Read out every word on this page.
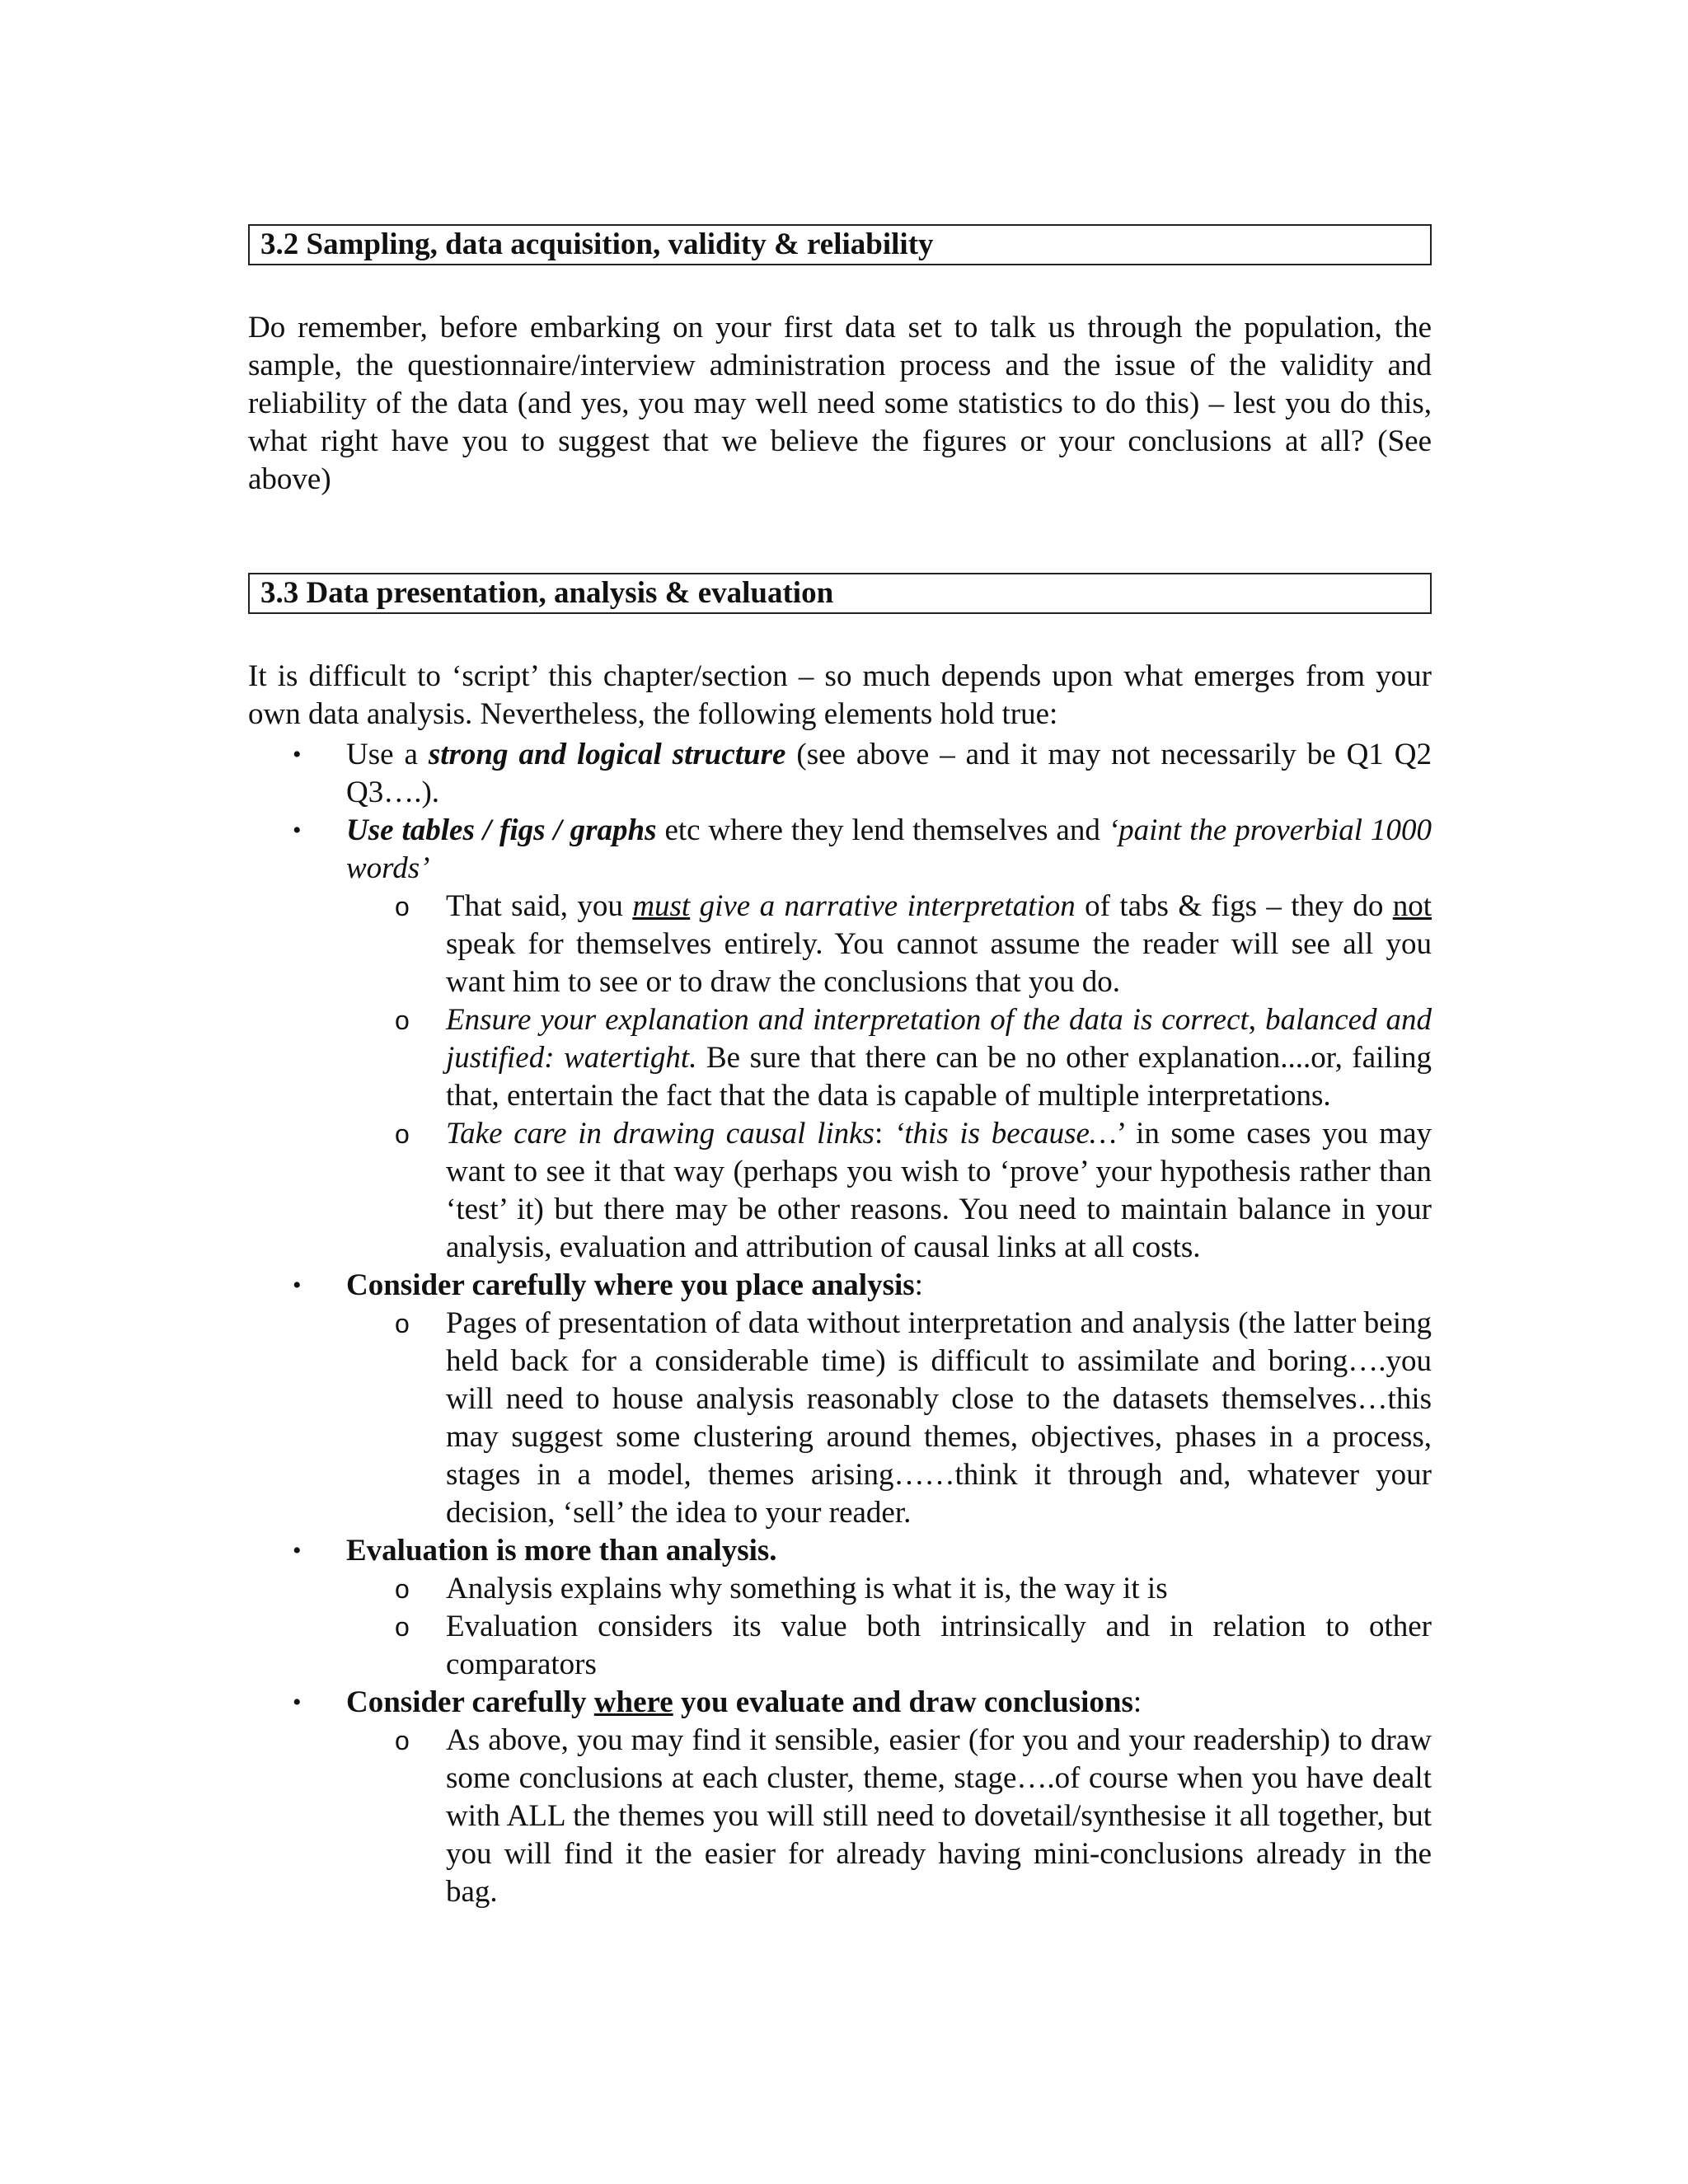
3.2 Sampling, data acquisition, validity & reliability
Do remember, before embarking on your first data set to talk us through the population, the sample, the questionnaire/interview administration process and the issue of the validity and reliability of the data (and yes, you may well need some statistics to do this) – lest you do this, what right have you to suggest that we believe the figures or your conclusions at all? (See above)
3.3 Data presentation, analysis & evaluation
It is difficult to ‘script’ this chapter/section – so much depends upon what emerges from your own data analysis. Nevertheless, the following elements hold true:
• Use a strong and logical structure (see above – and it may not necessarily be Q1 Q2 Q3….).
• Use tables / figs / graphs etc where they lend themselves and ‘paint the proverbial 1000 words’
o That said, you must give a narrative interpretation of tabs & figs – they do not speak for themselves entirely. You cannot assume the reader will see all you want him to see or to draw the conclusions that you do.
o Ensure your explanation and interpretation of the data is correct, balanced and justified: watertight. Be sure that there can be no other explanation....or, failing that, entertain the fact that the data is capable of multiple interpretations.
o Take care in drawing causal links: ‘this is because…’ in some cases you may want to see it that way (perhaps you wish to ‘prove’ your hypothesis rather than ‘test’ it) but there may be other reasons. You need to maintain balance in your analysis, evaluation and attribution of causal links at all costs.
• Consider carefully where you place analysis:
o Pages of presentation of data without interpretation and analysis (the latter being held back for a considerable time) is difficult to assimilate and boring….you will need to house analysis reasonably close to the datasets themselves…this may suggest some clustering around themes, objectives, phases in a process, stages in a model, themes arising……think it through and, whatever your decision, ‘sell’ the idea to your reader.
• Evaluation is more than analysis.
o Analysis explains why something is what it is, the way it is
o Evaluation considers its value both intrinsically and in relation to other comparators
• Consider carefully where you evaluate and draw conclusions:
o As above, you may find it sensible, easier (for you and your readership) to draw some conclusions at each cluster, theme, stage….of course when you have dealt with ALL the themes you will still need to dovetail/synthesise it all together, but you will find it the easier for already having mini-conclusions already in the bag.
